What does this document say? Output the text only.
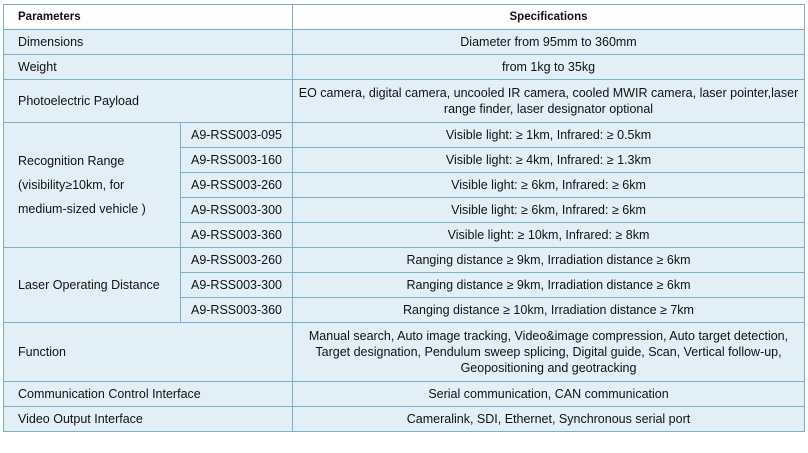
Parameters		Specifications
Dimensions		Diameter from 95mm to 360mm
Weight		from 1kg to 35kg
Photoelectric Payload		EO camera, digital camera, uncooled IR camera, cooled MWIR camera, laser pointer,laser range finder, laser designator optional
Recognition Range (visibility≥10km, for medium-sized vehicle )	A9-RSS003-095	Visible light: ≥ 1km, Infrared: ≥ 0.5km
	A9-RSS003-160	Visible light: ≥ 4km, Infrared: ≥ 1.3km
	A9-RSS003-260	Visible light: ≥ 6km, Infrared: ≥ 6km
	A9-RSS003-300	Visible light: ≥ 6km, Infrared: ≥ 6km
	A9-RSS003-360	Visible light: ≥ 10km, Infrared: ≥ 8km
Laser Operating Distance	A9-RSS003-260	Ranging distance ≥ 9km, Irradiation distance ≥ 6km
	A9-RSS003-300	Ranging distance ≥ 9km, Irradiation distance ≥ 6km
	A9-RSS003-360	Ranging distance ≥ 10km, Irradiation distance ≥ 7km
Function		Manual search, Auto image tracking, Video&image compression, Auto target detection, Target designation, Pendulum sweep splicing, Digital guide, Scan, Vertical follow-up, Geopositioning and geotracking
Communication Control Interface		Serial communication, CAN communication
Video Output Interface		Cameralink, SDI, Ethernet, Synchronous serial port
